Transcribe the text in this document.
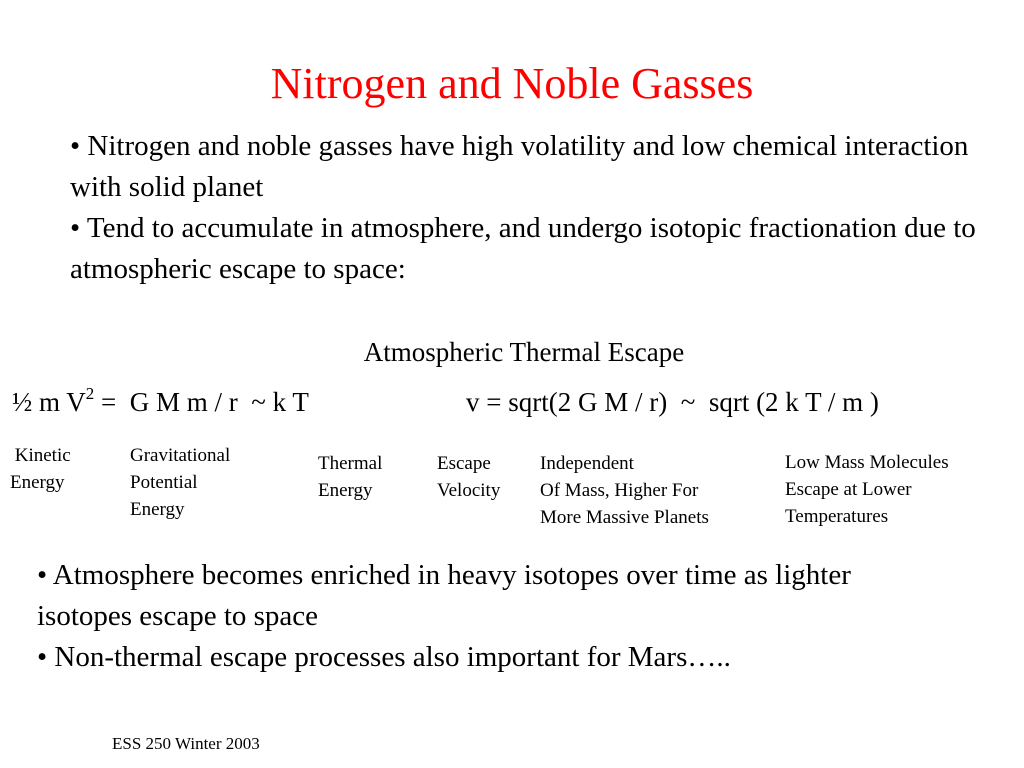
Nitrogen and Noble Gasses
• Nitrogen and noble gasses have high volatility and low chemical interaction with solid planet
• Tend to accumulate in atmosphere, and undergo isotopic fractionation due to atmospheric escape to space:
Atmospheric Thermal Escape
½ m $V^2 = G$ M m / r  ~ k T	v = sqrt(2 G M / r)  ~  sqrt (2 k T / m )
Kinetic
Energy
Gravitational
Potential
Energy
Thermal
Energy
Escape
Velocity
Independent
Of Mass, Higher For
More Massive Planets
Low Mass Molecules
Escape at Lower
Temperatures
• Atmosphere becomes enriched in heavy isotopes over time as lighter isotopes escape to space
• Non-thermal escape processes also important for Mars…..
ESS 250 Winter 2003
